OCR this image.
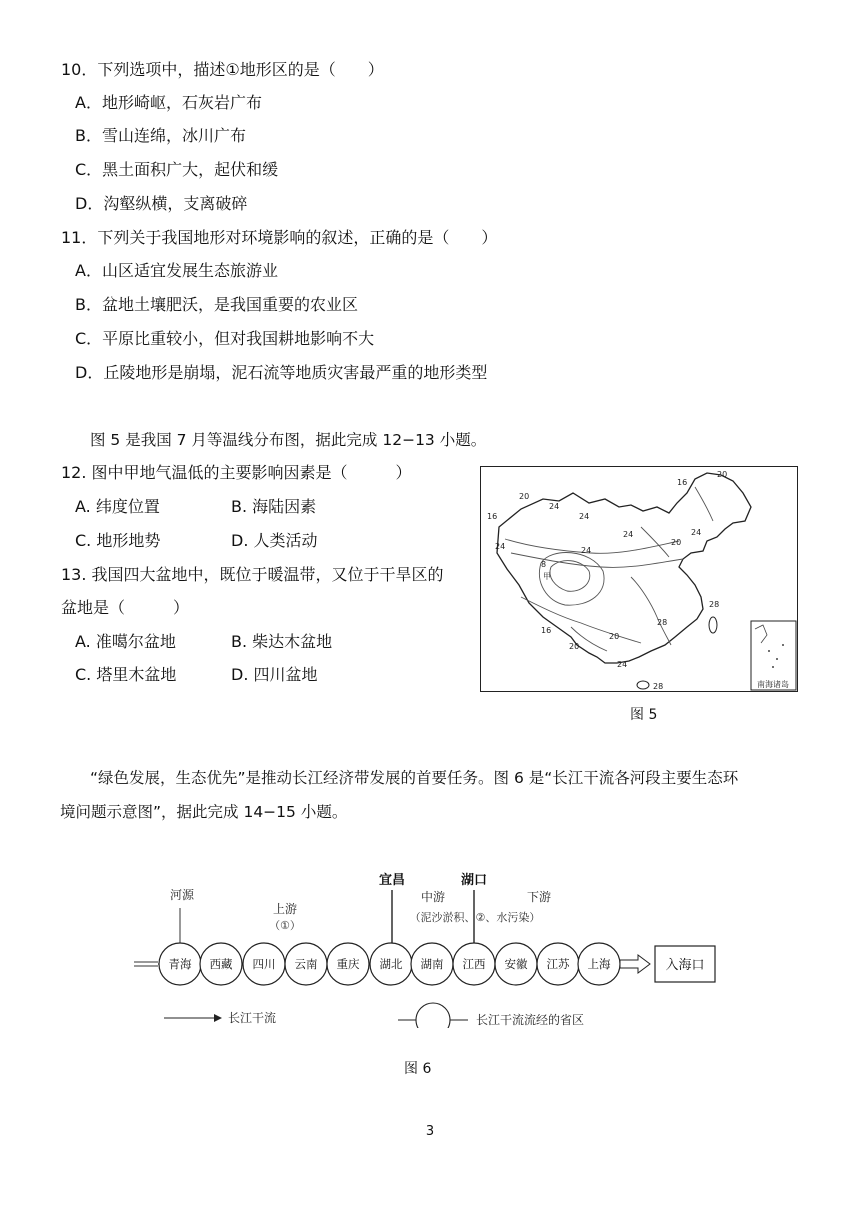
10．下列选项中，描述①地形区的是（　　）
A．地形崎岖，石灰岩广布
B．雪山连绵，冰川广布
C．黑土面积广大，起伏和缓
D．沟壑纵横，支离破碎
11．下列关于我国地形对环境影响的叙述，正确的是（　　）
A．山区适宜发展生态旅游业
B．盆地土壤肥沃，是我国重要的农业区
C．平原比重较小，但对我国耕地影响不大
D．丘陵地形是崩塌，泥石流等地质灾害最严重的地形类型
图 5 是我国 7 月等温线分布图，据此完成 12−13 小题。
12. 图中甲地气温低的主要影响因素是（　　　）
A. 纬度位置	B. 海陆因素
C. 地形地势	D. 人类活动
13. 我国四大盆地中，既位于暖温带，又位于干旱区的
盆地是（　　　）
A. 准噶尔盆地	B. 柴达木盆地
C. 塔里木盆地	D. 四川盆地
20
16
20
24
24
16
24	24
20
24	24
8
28
16
20
20
28
24
28
甲
南海诸岛
图 5
“绿色发展，生态优先”是推动长江经济带发展的首要任务。图 6 是“长江干流各河段主要生态环
境问题示意图”，据此完成 14−15 小题。
河源
上游
（①）
宜昌	湖口
中游
（泥沙淤积、②、水污染）
下游
青海 西藏 四川 云南 重庆 湖北 湖南 江西 安徽 江苏 上海	入海口
长江干流	长江干流流经的省区
图 6
3
